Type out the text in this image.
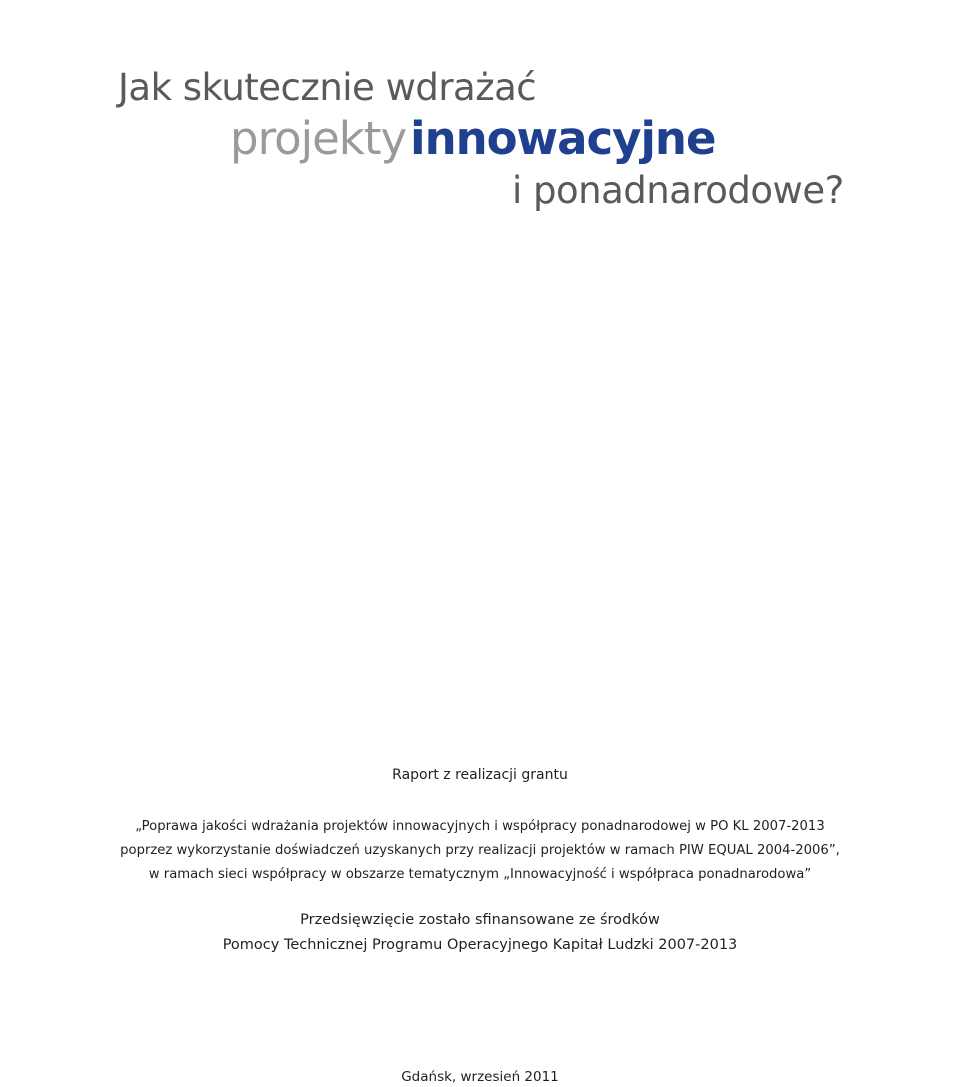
Jak skutecznie wdrażać
projektyinnowacyjne
i ponadnarodowe?
Raport z realizacji grantu
„Poprawa jakości wdrażania projektów innowacyjnych i współpracy ponadnarodowej w PO KL 2007-2013
poprzez wykorzystanie doświadczeń uzyskanych przy realizacji projektów w ramach PIW EQUAL 2004-2006”,
w ramach sieci współpracy w obszarze tematycznym „Innowacyjność i współpraca ponadnarodowa”
Przedsięwzięcie zostało sfinansowane ze środków
Pomocy Technicznej Programu Operacyjnego Kapitał Ludzki 2007-2013
Gdańsk, wrzesień 2011
